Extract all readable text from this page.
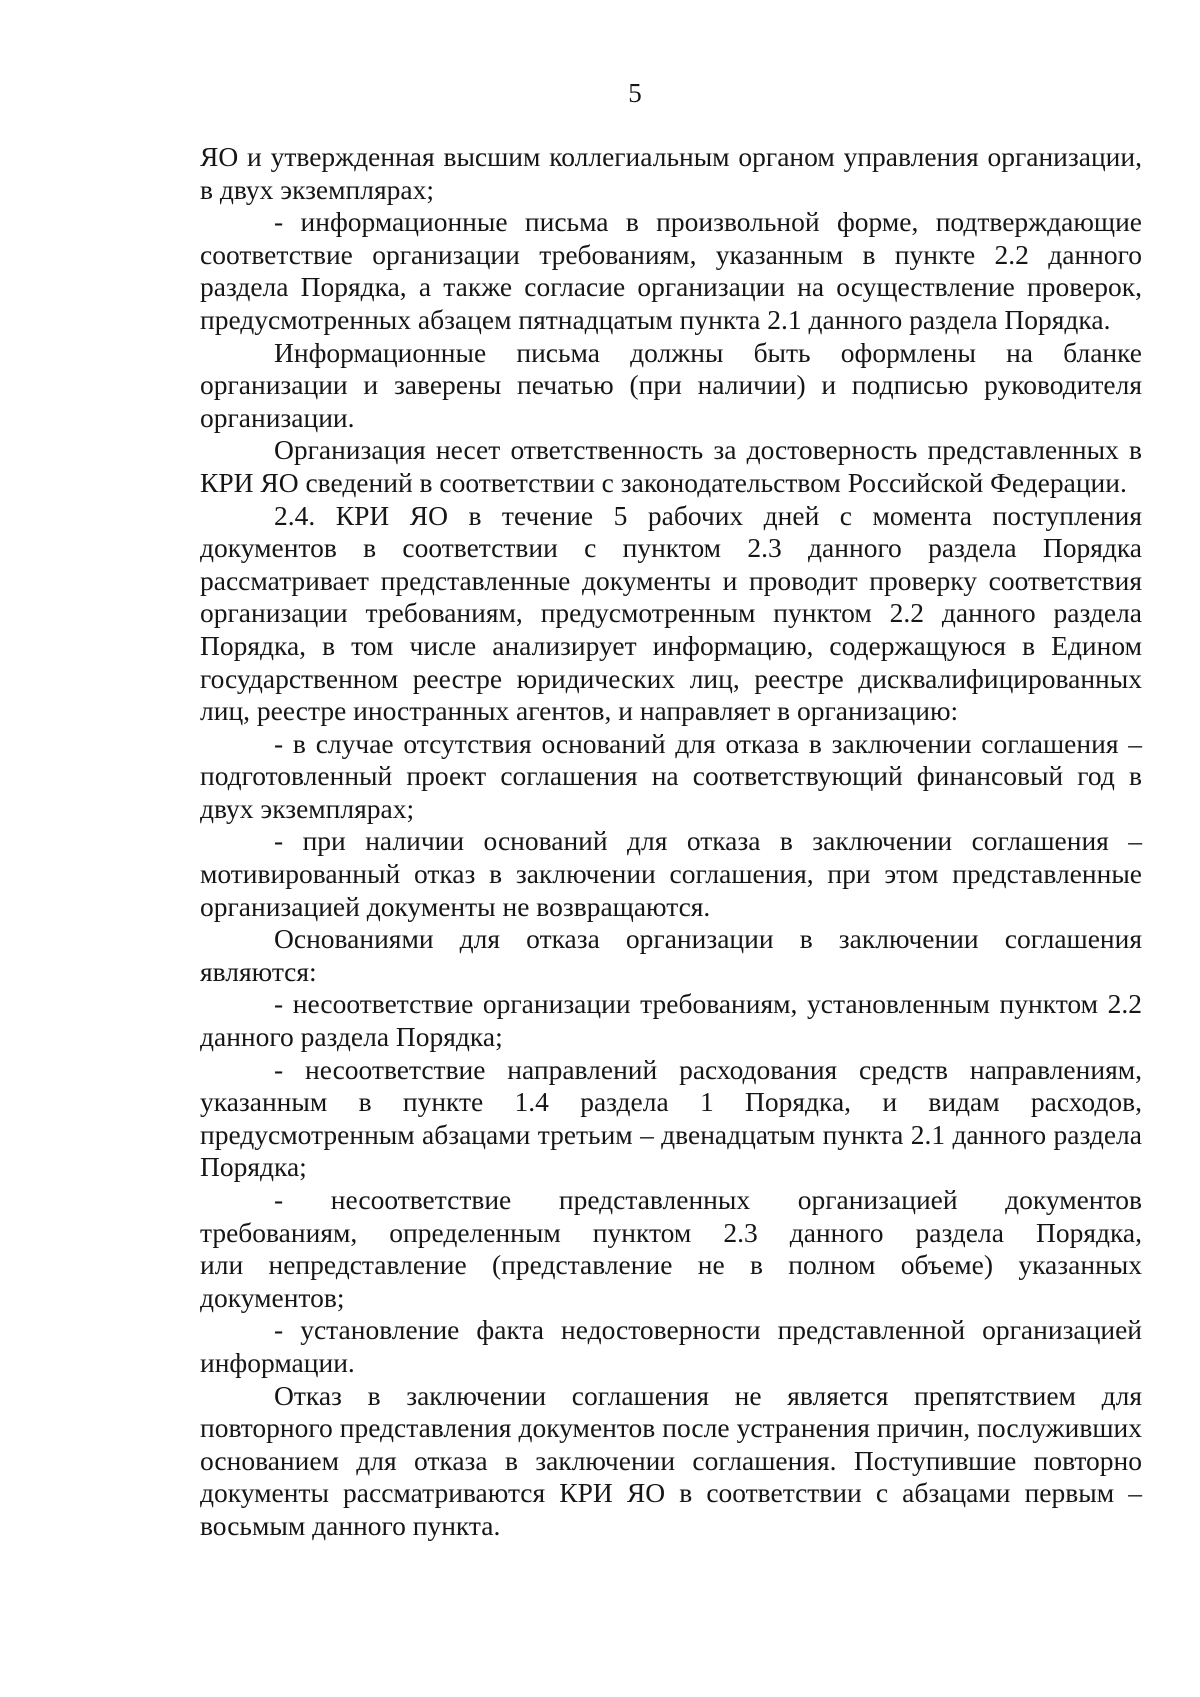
5

ЯО и утвержденная высшим коллегиальным органом управления организации, в двух экземплярах;

- информационные письма в произвольной форме, подтверждающие соответствие организации требованиям, указанным в пункте 2.2 данного раздела Порядка, а также согласие организации на осуществление проверок, предусмотренных абзацем пятнадцатым пункта 2.1 данного раздела Порядка.

Информационные письма должны быть оформлены на бланке организации и заверены печатью (при наличии) и подписью руководителя организации.

Организация несет ответственность за достоверность представленных в КРИ ЯО сведений в соответствии с законодательством Российской Федерации.

2.4. КРИ ЯО в течение 5 рабочих дней с момента поступления документов в соответствии с пунктом 2.3 данного раздела Порядка рассматривает представленные документы и проводит проверку соответствия организации требованиям, предусмотренным пунктом 2.2 данного раздела Порядка, в том числе анализирует информацию, содержащуюся в Едином государственном реестре юридических лиц, реестре дисквалифицированных лиц, реестре иностранных агентов, и направляет в организацию:

- в случае отсутствия оснований для отказа в заключении соглашения – подготовленный проект соглашения на соответствующий финансовый год в двух экземплярах;

- при наличии оснований для отказа в заключении соглашения – мотивированный отказ в заключении соглашения, при этом представленные организацией документы не возвращаются.

Основаниями для отказа организации в заключении соглашения являются:

- несоответствие организации требованиям, установленным пунктом 2.2 данного раздела Порядка;

- несоответствие направлений расходования средств направлениям, указанным в пункте 1.4 раздела 1 Порядка, и видам расходов, предусмотренным абзацами третьим – двенадцатым пункта 2.1 данного раздела Порядка;

- несоответствие представленных организацией документов требованиям, определенным пунктом 2.3 данного раздела Порядка, или непредставление (представление не в полном объеме) указанных документов;

- установление факта недостоверности представленной организацией информации.

Отказ в заключении соглашения не является препятствием для повторного представления документов после устранения причин, послуживших основанием для отказа в заключении соглашения. Поступившие повторно документы рассматриваются КРИ ЯО в соответствии с абзацами первым – восьмым данного пункта.
